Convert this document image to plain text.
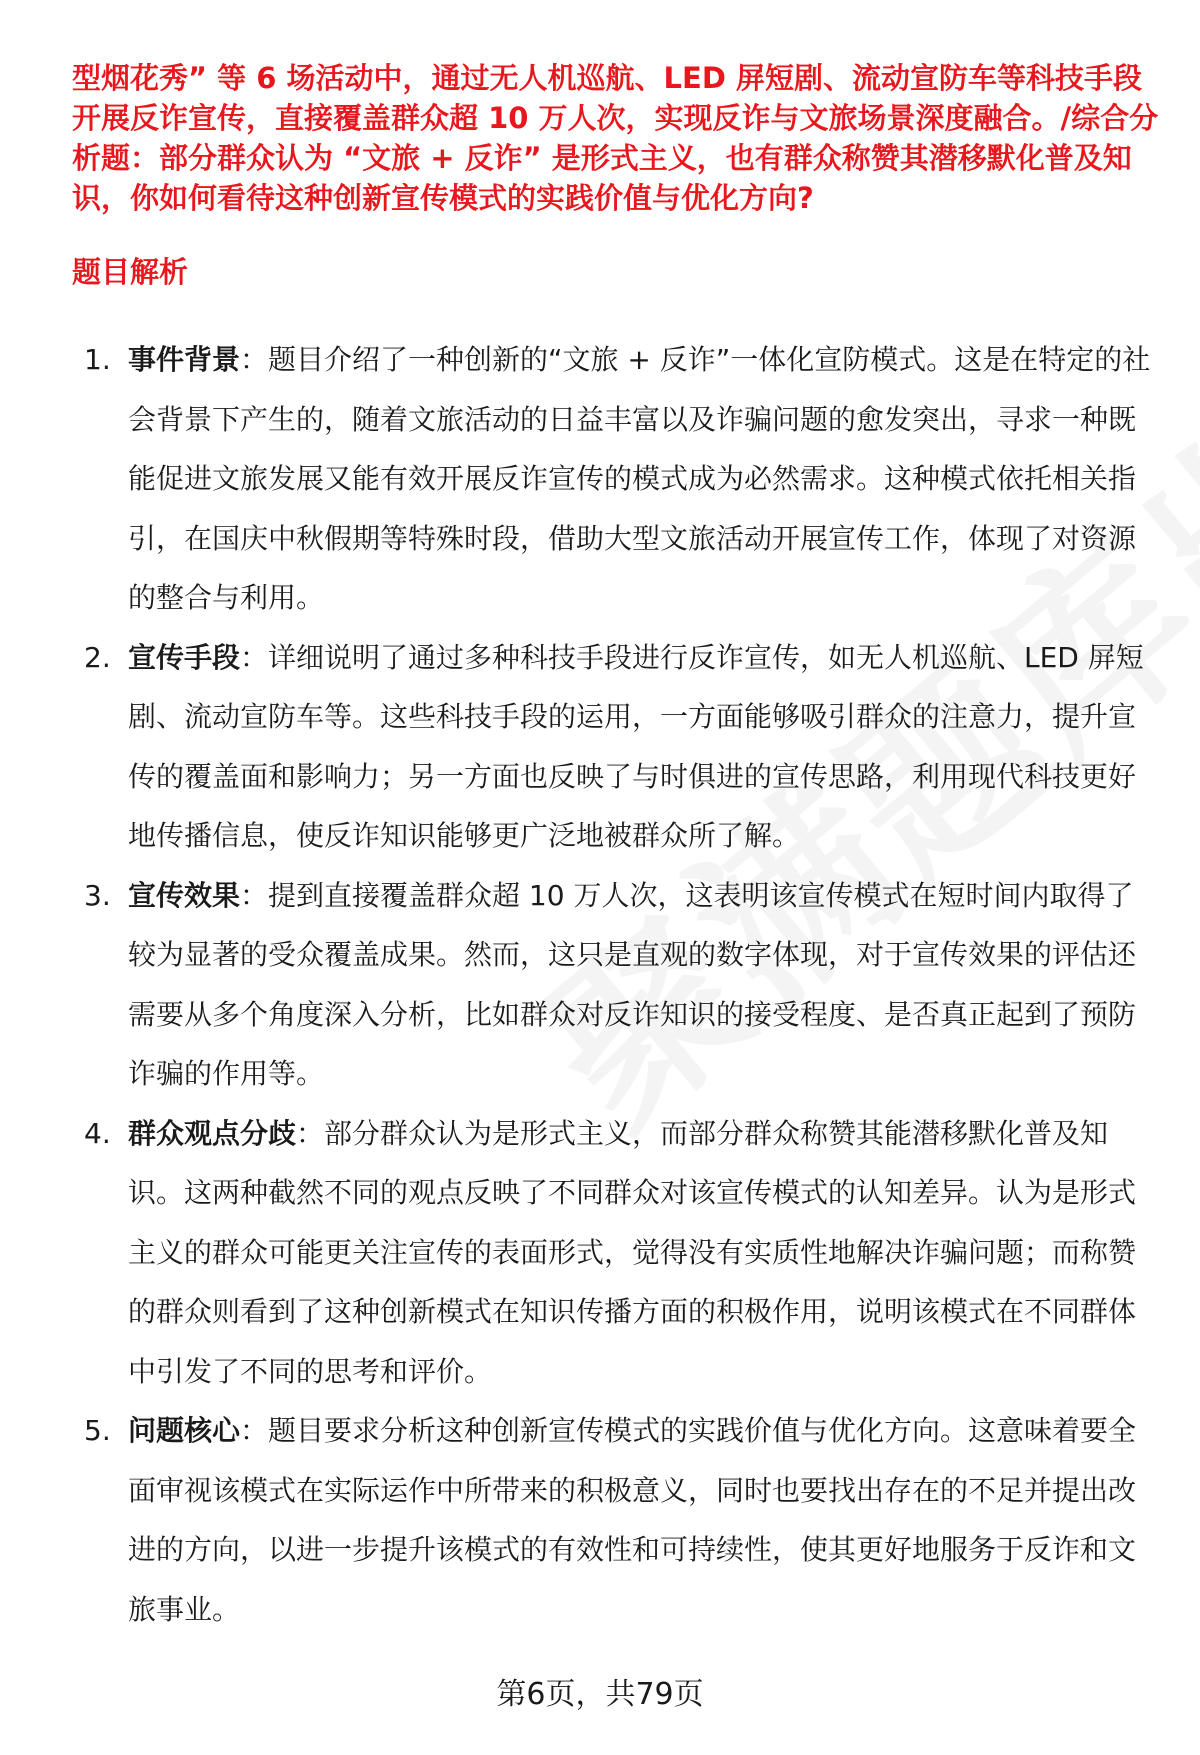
型烟花秀” 等 6 场活动中，通过无人机巡航、LED 屏短剧、流动宣防车等科技手段开展反诈宣传，直接覆盖群众超 10 万人次，实现反诈与文旅场景深度融合。/综合分析题：部分群众认为 “文旅 + 反诈” 是形式主义，也有群众称赞其潜移默化普及知识，你如何看待这种创新宣传模式的实践价值与优化方向?

题目解析
1. 事件背景：题目介绍了一种创新的“文旅 + 反诈”一体化宣防模式。这是在特定的社会背景下产生的，随着文旅活动的日益丰富以及诈骗问题的愈发突出，寻求一种既能促进文旅发展又能有效开展反诈宣传的模式成为必然需求。这种模式依托相关指引，在国庆中秋假期等特殊时段，借助大型文旅活动开展宣传工作，体现了对资源的整合与利用。
2. 宣传手段：详细说明了通过多种科技手段进行反诈宣传，如无人机巡航、LED 屏短剧、流动宣防车等。这些科技手段的运用，一方面能够吸引群众的注意力，提升宣传的覆盖面和影响力；另一方面也反映了与时俱进的宣传思路，利用现代科技更好地传播信息，使反诈知识能够更广泛地被群众所了解。
3. 宣传效果：提到直接覆盖群众超 10 万人次，这表明该宣传模式在短时间内取得了较为显著的受众覆盖成果。然而，这只是直观的数字体现，对于宣传效果的评估还需要从多个角度深入分析，比如群众对反诈知识的接受程度、是否真正起到了预防诈骗的作用等。
4. 群众观点分歧：部分群众认为是形式主义，而部分群众称赞其能潜移默化普及知识。这两种截然不同的观点反映了不同群众对该宣传模式的认知差异。认为是形式主义的群众可能更关注宣传的表面形式，觉得没有实质性地解决诈骗问题；而称赞的群众则看到了这种创新模式在知识传播方面的积极作用，说明该模式在不同群体中引发了不同的思考和评价。
5. 问题核心：题目要求分析这种创新宣传模式的实践价值与优化方向。这意味着要全面审视该模式在实际运作中所带来的积极意义，同时也要找出存在的不足并提出改进的方向，以进一步提升该模式的有效性和可持续性，使其更好地服务于反诈和文旅事业。
第6页，共79页
